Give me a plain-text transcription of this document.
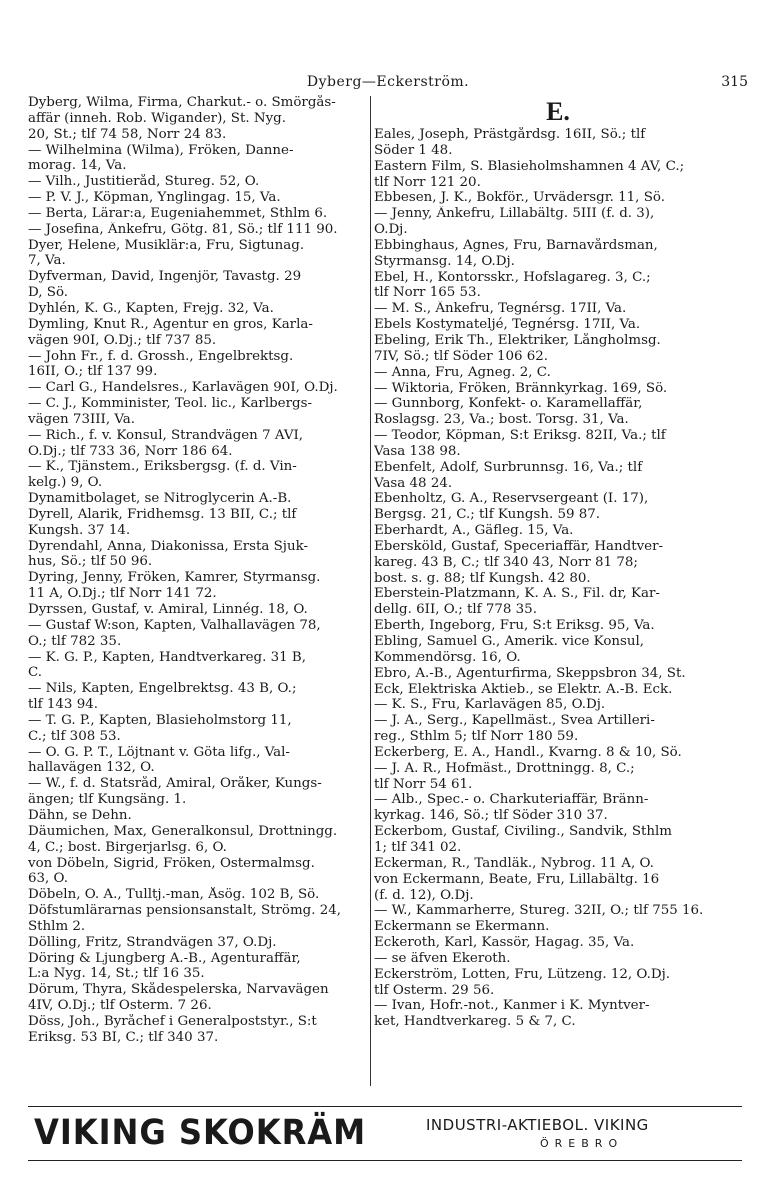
Dyberg—Eckerström.	315
Dyberg, Wilma, Firma, Charkut.- o. Smörgås-
affär (inneh. Rob. Wigander), St. Nyg.
20, St.; tlf 74 58, Norr 24 83.
— Wilhelmina (Wilma), Fröken, Danne-
morag. 14, Va.
— Vilh., Justitieråd, Stureg. 52, Ö.
— P. V. J., Köpman, Ynglingag. 15, Va.
— Berta, Lärar:a, Eugeniahemmet, Sthlm 6.
— Josefina, Änkefru, Götg. 81, Sö.; tlf 111 90.
Dyer, Helene, Musiklär:a, Fru, Sigtunag.
7, Va.
Dyfverman, David, Ingenjör, Tavastg. 29
D, Sö.
Dyhlén, K. G., Kapten, Frejg. 32, Va.
Dymling, Knut R., Agentur en gros, Karla-
vägen 90I, Ö.Dj.; tlf 737 85.
— John Fr., f. d. Grossh., Engelbrektsg.
16II, Ö.; tlf 137 99.
— Carl G., Handelsres., Karlavägen 90I, Ö.Dj.
— C. J., Komminister, Teol. lic., Karlbergs-
vägen 73III, Va.
— Rich., f. v. Konsul, Strandvägen 7 AVI,
Ö.Dj.; tlf 733 36, Norr 186 64.
— K., Tjänstem., Eriksbergsg. (f. d. Vin-
kelg.) 9, Ö.
Dynamitbolaget, se Nitroglycerin A.-B.
Dyrell, Alarik, Fridhemsg. 13 BII, C.; tlf
Kungsh. 37 14.
Dyrendahl, Anna, Diakonissa, Ersta Sjuk-
hus, Sö.; tlf 50 96.
Dyring, Jenny, Fröken, Kamrer, Styrmansg.
11 A, Ö.Dj.; tlf Norr 141 72.
Dyrssen, Gustaf, v. Amiral, Linnég. 18, Ö.
— Gustaf W:son, Kapten, Valhallavägen 78,
Ö.; tlf 782 35.
— K. G. P., Kapten, Handtverkareg. 31 B,
C.
— Nils, Kapten, Engelbrektsg. 43 B, Ö.;
tlf 143 94.
— T. G. P., Kapten, Blasieholmstorg 11,
C.; tlf 308 53.
— O. G. P. T., Löjtnant v. Göta lifg., Val-
hallavägen 132, Ö.
— W., f. d. Statsråd, Amiral, Öråker, Kungs-
ängen; tlf Kungsäng. 1.
Dähn, se Dehn.
Däumichen, Max, Generalkonsul, Drottningg.
4, C.; bost. Birgerjarlsg. 6, Ö.
von Döbeln, Sigrid, Fröken, Östermalmsg.
63, Ö.
Döbeln, O. A., Tulltj.-man, Åsög. 102 B, Sö.
Döfstumlärarnas pensionsanstalt, Strömg. 24,
Sthlm 2.
Dölling, Fritz, Strandvägen 37, Ö.Dj.
Döring & Ljungberg A.-B., Agenturaffär,
L:a Nyg. 14, St.; tlf 16 35.
Dörum, Thyra, Skådespelerska, Narvavägen
4IV, Ö.Dj.; tlf Österm. 7 26.
Döss, Joh., Byråchef i Generalpoststyr., S:t
Eriksg. 53 BI, C.; tlf 340 37.
E.
Eales, Joseph, Prästgårdsg. 16II, Sö.; tlf
Söder 1 48.
Eastern Film, S. Blasieholmshamnen 4 AV, C.;
tlf Norr 121 20.
Ebbesen, J. K., Bokför., Urvädersgr. 11, Sö.
— Jenny, Änkefru, Lillabältg. 5III (f. d. 3),
Ö.Dj.
Ebbinghaus, Agnes, Fru, Barnavårdsman,
Styrmansg. 14, Ö.Dj.
Ebel, H., Kontorsskr., Hofslagareg. 3, C.;
tlf Norr 165 53.
— M. S., Änkefru, Tegnérsg. 17II, Va.
Ebels Kostymateljé, Tegnérsg. 17II, Va.
Ebeling, Erik Th., Elektriker, Långholmsg.
7IV, Sö.; tlf Söder 106 62.
— Anna, Fru, Agneg. 2, C.
— Wiktoria, Fröken, Brännkyrkag. 169, Sö.
— Gunnborg, Konfekt- o. Karamellaffär,
Roslagsg. 23, Va.; bost. Torsg. 31, Va.
— Teodor, Köpman, S:t Eriksg. 82II, Va.; tlf
Vasa 138 98.
Ebenfelt, Adolf, Surbrunnsg. 16, Va.; tlf
Vasa 48 24.
Ebenholtz, G. A., Reservsergeant (I. 17),
Bergsg. 21, C.; tlf Kungsh. 59 87.
Eberhardt, A., Gäfleg. 15, Va.
Ebersköld, Gustaf, Speceriaffär, Handtver-
kareg. 43 B, C.; tlf 340 43, Norr 81 78;
bost. s. g. 88; tlf Kungsh. 42 80.
Eberstein-Platzmann, K. A. S., Fil. dr, Kar-
dellg. 6II, Ö.; tlf 778 35.
Eberth, Ingeborg, Fru, S:t Eriksg. 95, Va.
Ebling, Samuel G., Amerik. vice Konsul,
Kommendörsg. 16, Ö.
Ebro, A.-B., Agenturfirma, Skeppsbron 34, St.
Eck, Elektriska Aktieb., se Elektr. A.-B. Eck.
— K. S., Fru, Karlavägen 85, Ö.Dj.
— J. A., Serg., Kapellmäst., Svea Artilleri-
reg., Sthlm 5; tlf Norr 180 59.
Eckerberg, E. A., Handl., Kvarng. 8 & 10, Sö.
— J. A. R., Hofmäst., Drottningg. 8, C.;
tlf Norr 54 61.
— Alb., Spec.- o. Charkuteriaffär, Bränn-
kyrkag. 146, Sö.; tlf Söder 310 37.
Eckerbom, Gustaf, Civiling., Sandvik, Sthlm
1; tlf 341 02.
Eckerman, R., Tandläk., Nybrog. 11 A, Ö.
von Eckermann, Beate, Fru, Lillabältg. 16
(f. d. 12), Ö.Dj.
— W., Kammarherre, Stureg. 32II, Ö.; tlf 755 16.
Eckermann se Ekermann.
Eckeroth, Karl, Kassör, Hagag. 35, Va.
— se äfven Ekeroth.
Eckerström, Lotten, Fru, Lützeng. 12, Ö.Dj.
tlf Österm. 29 56.
— Ivan, Hofr.-not., Kanmer i K. Myntver-
ket, Handtverkareg. 5 & 7, C.
VIKING SKOKRÄM	INDUSTRI-AKTIEBOL. VIKING
ÖREBRO
